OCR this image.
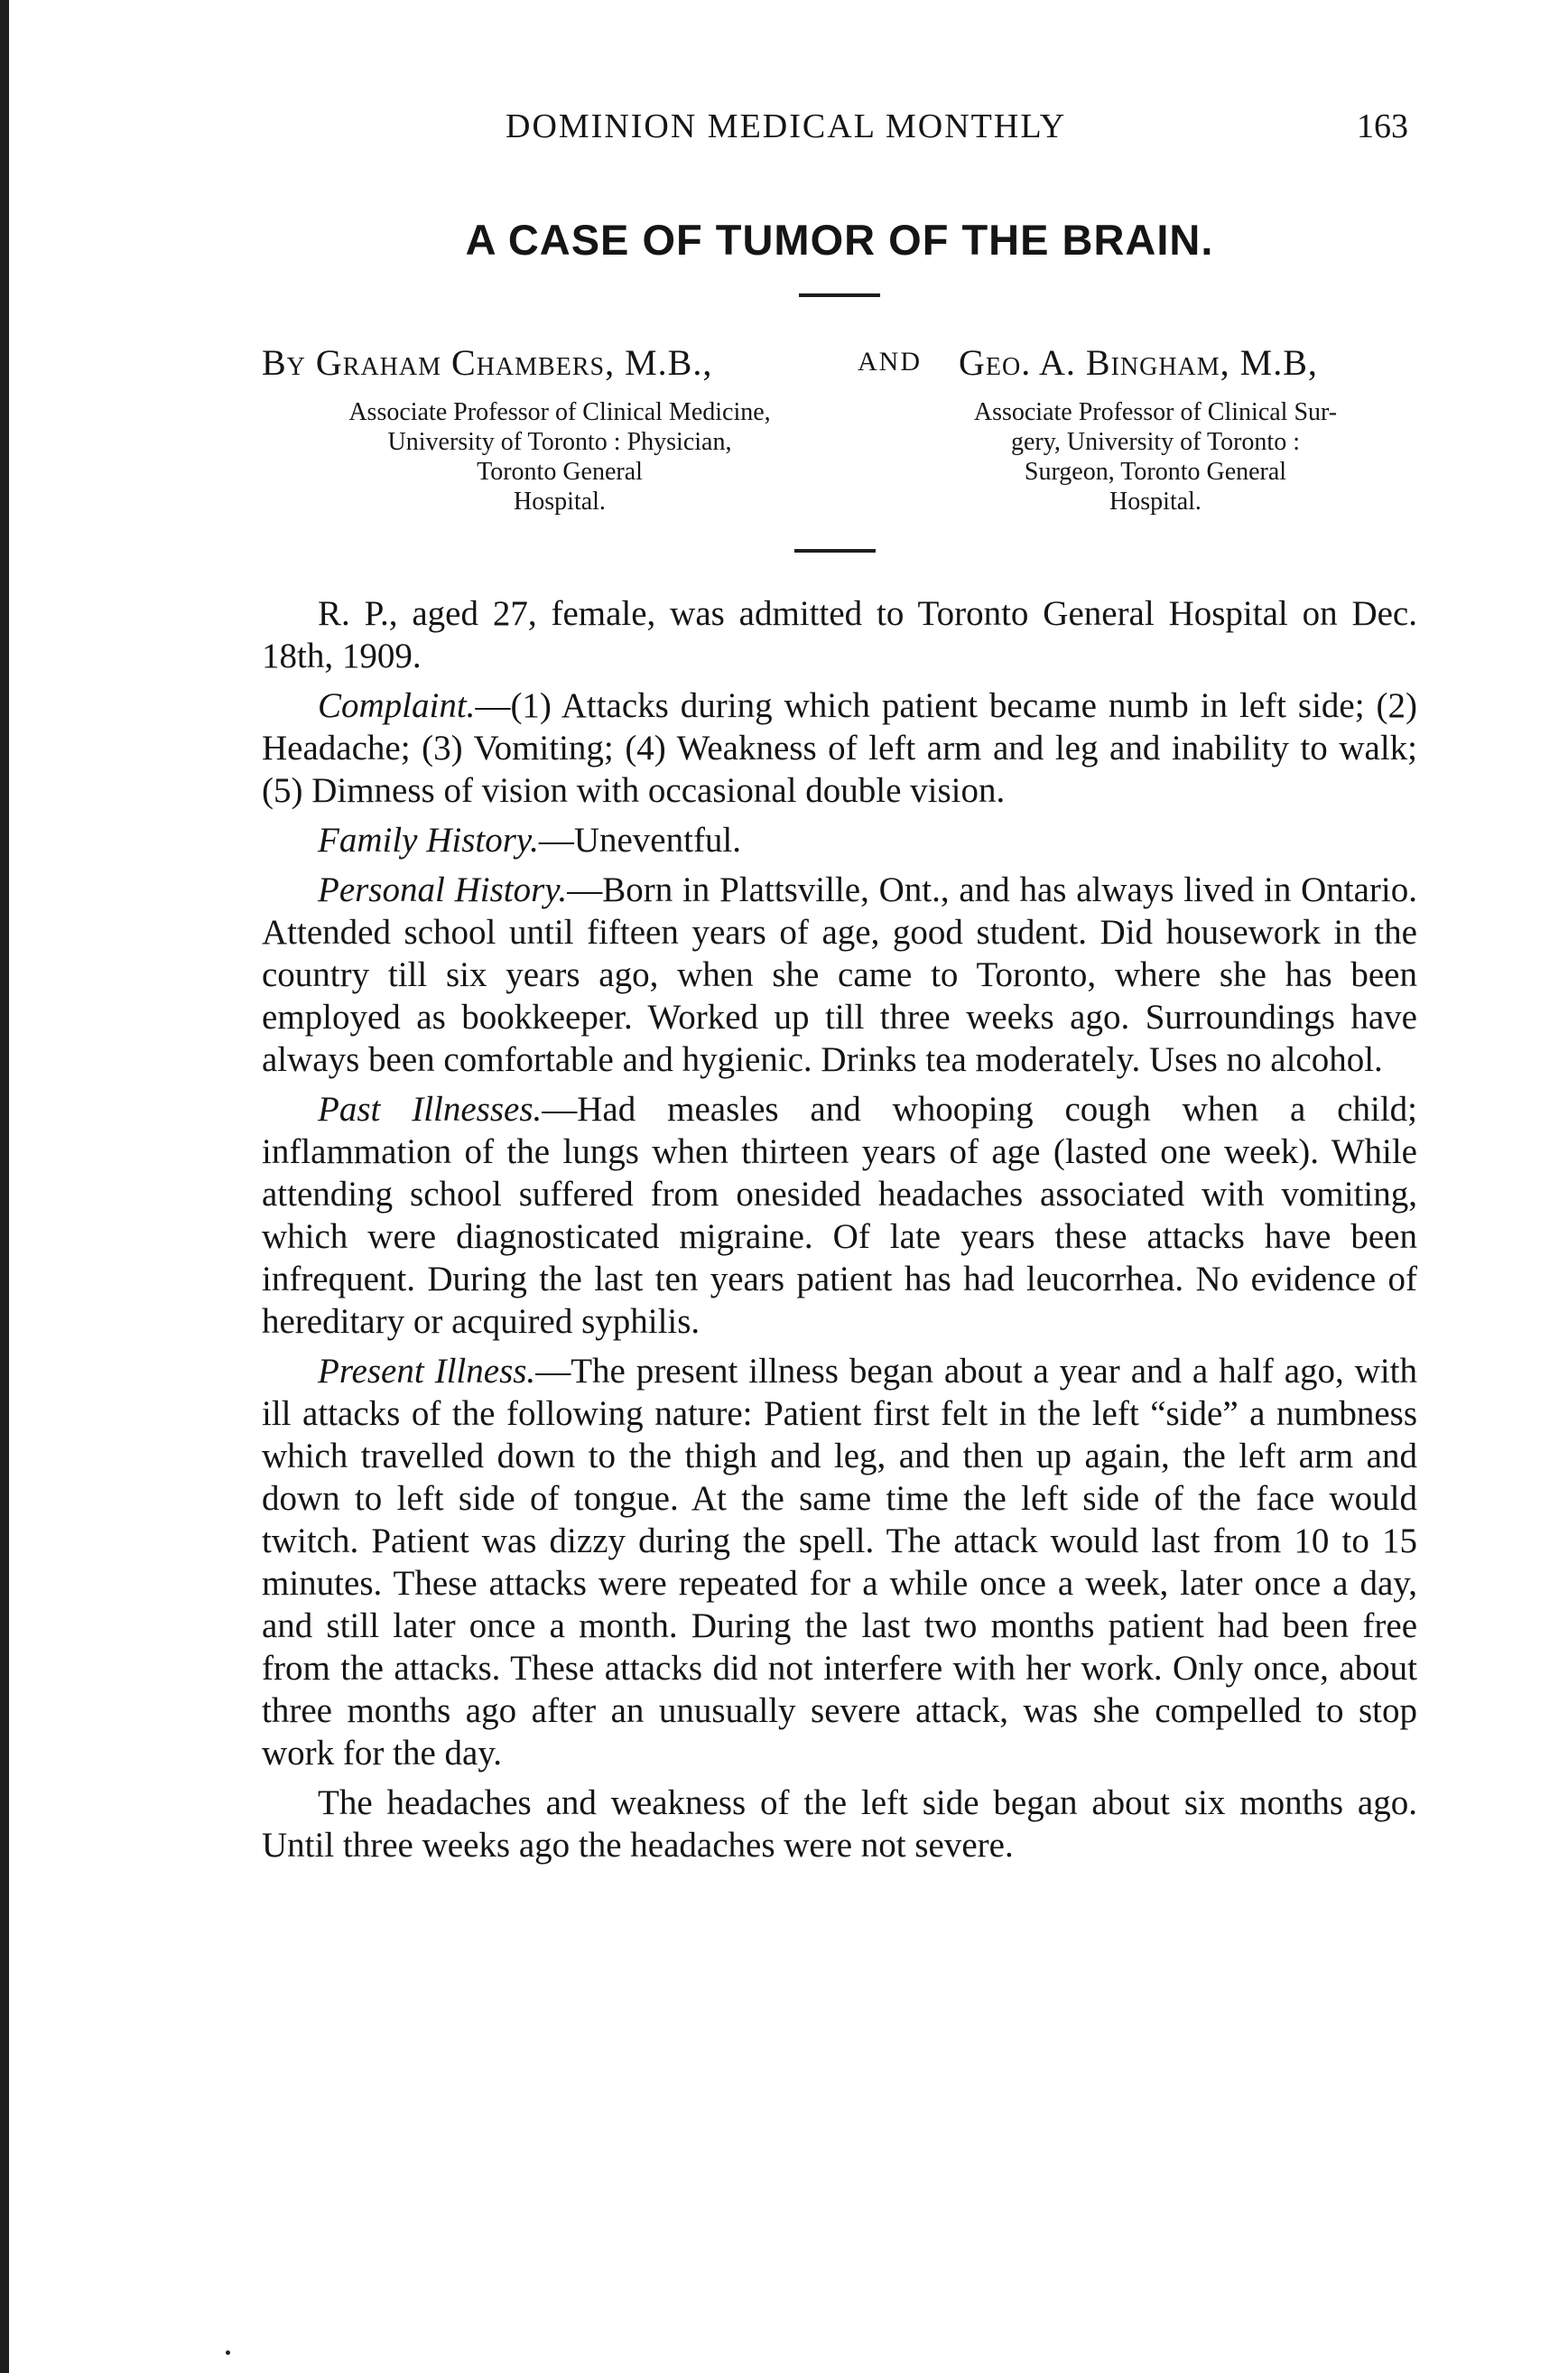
DOMINION MEDICAL MONTHLY	163
A CASE OF TUMOR OF THE BRAIN.
By Graham Chambers, M.B.,	AND Geo. A. Bingham, M.B,
Associate Professor of Clinical Medicine,
University of Toronto : Physician,
Toronto General
Hospital.
Associate Professor of Clinical Sur-
gery, University of Toronto :
Surgeon, Toronto General
Hospital.

R. P., aged 27, female, was admitted to Toronto General Hospital on Dec. 18th, 1909.

Complaint.—(1) Attacks during which patient became numb in left side; (2) Headache; (3) Vomiting; (4) Weakness of left arm and leg and inability to walk; (5) Dimness of vision with occasional double vision.

Family History.—Uneventful.

Personal History.—Born in Plattsville, Ont., and has always lived in Ontario. Attended school until fifteen years of age, good student. Did housework in the country till six years ago, when she came to Toronto, where she has been employed as bookkeeper. Worked up till three weeks ago. Surroundings have always been comfortable and hygienic. Drinks tea moderately. Uses no alcohol.

Past Illnesses.—Had measles and whooping cough when a child; inflammation of the lungs when thirteen years of age (lasted one week). While attending school suffered from onesided headaches associated with vomiting, which were diagnosticated migraine. Of late years these attacks have been infrequent. During the last ten years patient has had leucorrhea. No evidence of hereditary or acquired syphilis.

Present Illness.—The present illness began about a year and a half ago, with ill attacks of the following nature: Patient first felt in the left “side” a numbness which travelled down to the thigh and leg, and then up again, the left arm and down to left side of tongue. At the same time the left side of the face would twitch. Patient was dizzy during the spell. The attack would last from 10 to 15 minutes. These attacks were repeated for a while once a week, later once a day, and still later once a month. During the last two months patient had been free from the attacks. These attacks did not interfere with her work. Only once, about three months ago after an unusually severe attack, was she compelled to stop work for the day.

The headaches and weakness of the left side began about six months ago. Until three weeks ago the headaches were not severe.
